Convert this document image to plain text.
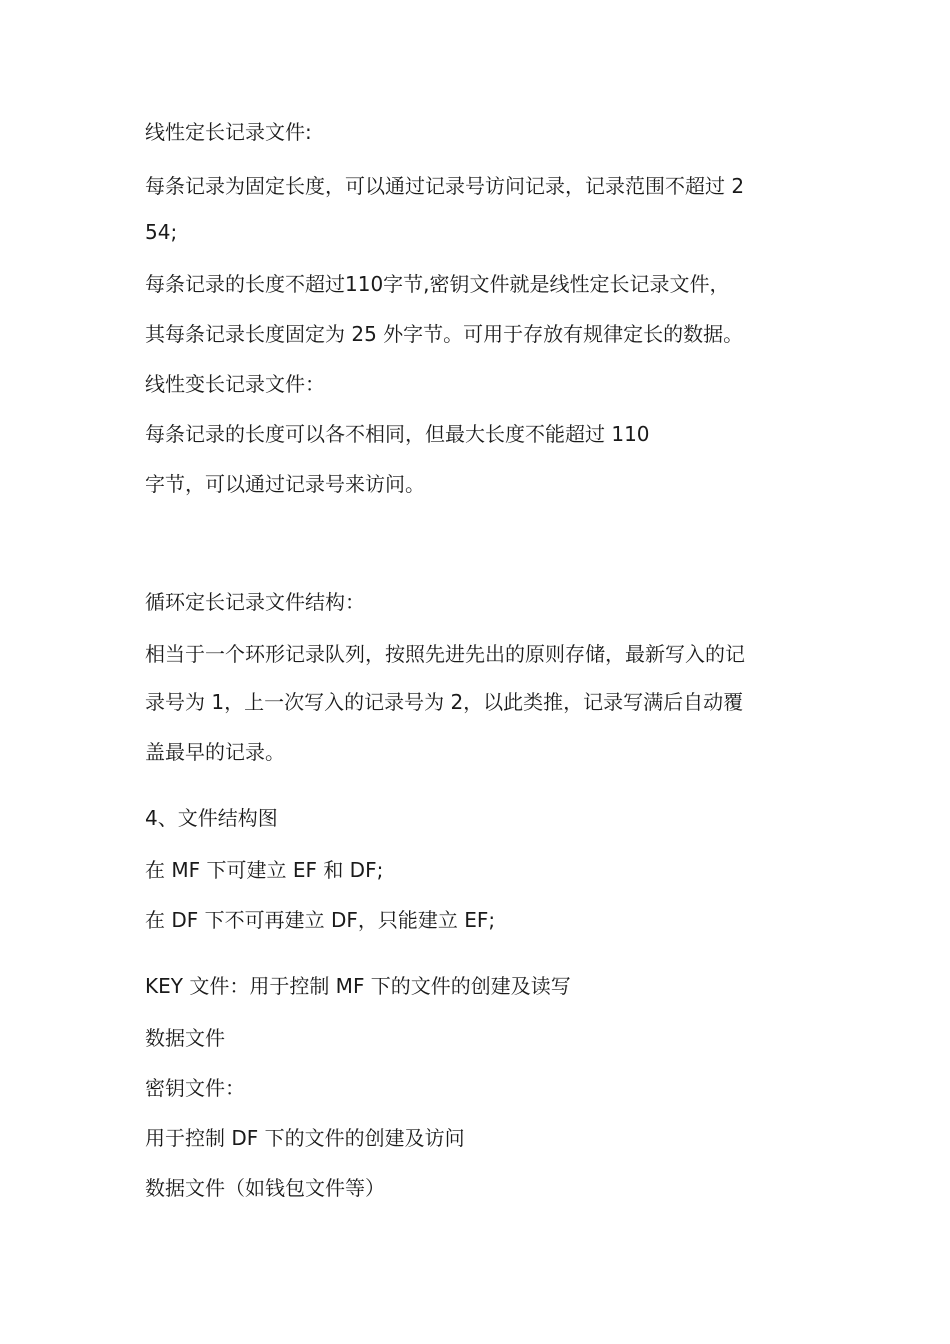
线性定长记录文件:
每条记录为固定长度，可以通过记录号访问记录，记录范围不超过 2
54;
每条记录的长度不超过110字节,密钥文件就是线性定长记录文件，
其每条记录长度固定为 25 外字节。可用于存放有规律定长的数据。
线性变长记录文件：
每条记录的长度可以各不相同，但最大长度不能超过 110
字节，可以通过记录号来访问。
循环定长记录文件结构：
相当于一个环形记录队列，按照先进先出的原则存储，最新写入的记
录号为 1，上一次写入的记录号为 2，以此类推，记录写满后自动覆
盖最早的记录。
4、文件结构图
在 MF 下可建立 EF 和 DF;
在 DF 下不可再建立 DF，只能建立 EF;
KEY 文件：用于控制 MF 下的文件的创建及读写
数据文件
密钥文件：
用于控制 DF 下的文件的创建及访问
数据文件（如钱包文件等）
